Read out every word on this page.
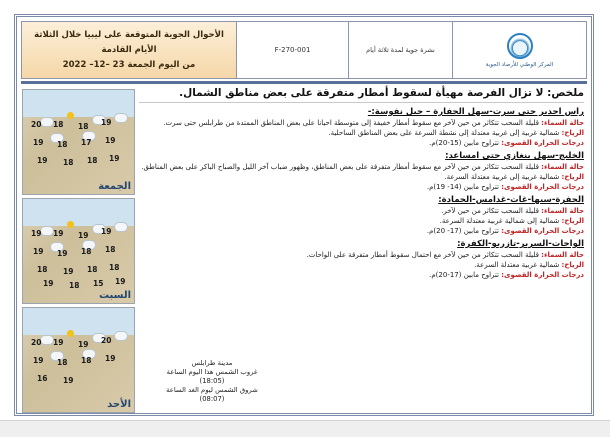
الأحوال الجوية المتوقعة على ليبيا خلال الثلاثة الأيام القادمة
من اليوم الجمعة 23 –12– 2022
F-270-001	نشرة جوية لمدة ثلاثة أيام
المركز الوطني للأرصاد الجوية
الجمعة
20 18 18 19
19 18 17 19
19 18 18 19
السبت
19 19 19 19
19 19 18 18
18 19 18 18
19 18 15 19
الأحد
20 19 19 20
19 18 18 19
16 19
مدينة طرابلس
غروب الشمس هذا اليوم الساعة (18:05)
شروق الشمس ليوم الغد الساعة (08:07)
ملخص: لا تزال الفرصة مهيأة لسقوط أمطار متفرقة على بعض مناطق الشمال.
راس اجدير حتى سرت-سهل الجفارة – جبل نفوسة:-
حالة السماء: قليلة السحب تتكاثر من حين لآخر مع سقوط أمطار خفيفة إلى متوسطة احيانا على بعض المناطق الممتدة من طرابلس حتى سرت.
الرياح: شمالية غربية إلى غربية معتدلة إلى نشطة السرعة على بعض المناطق الساحلية.
درجات الحرارة القصوى: تتراوح مابين (15-20)م.
الخليج-سهل بنغازي حتى امساعد:
حالة السماء: قليلة السحب تتكاثر من حين لآخر مع سقوط أمطار متفرقة على بعض المناطق، وظهور ضباب آخر الليل والصباح الباكر على بعض المناطق.
الرياح: شمالية غربية إلى غربية معتدلة السرعة.
درجات الحرارة القصوى: تتراوح مابين (14- 19)م.
الجفرة-سبها-غات-غدامس-الحمادة:
حالة السماء: قليلة السحب تتكاثر من حين لآخر.
الرياح: شمالية إلى شمالية غربية معتدلة السرعة.
درجات الحرارة القصوى: تتراوح مابين (17- 20)م.
الواحات-السرير-تازربو-الكفرة:
حالة السماء: قليلة السحب تتكاثر من حين لآخر مع احتمال سقوط أمطار متفرقة على الواحات.
الرياح: شمالية غربية معتدلة السرعة.
درجات الحرارة القصوى: تتراوح مابين (17-20)م.
